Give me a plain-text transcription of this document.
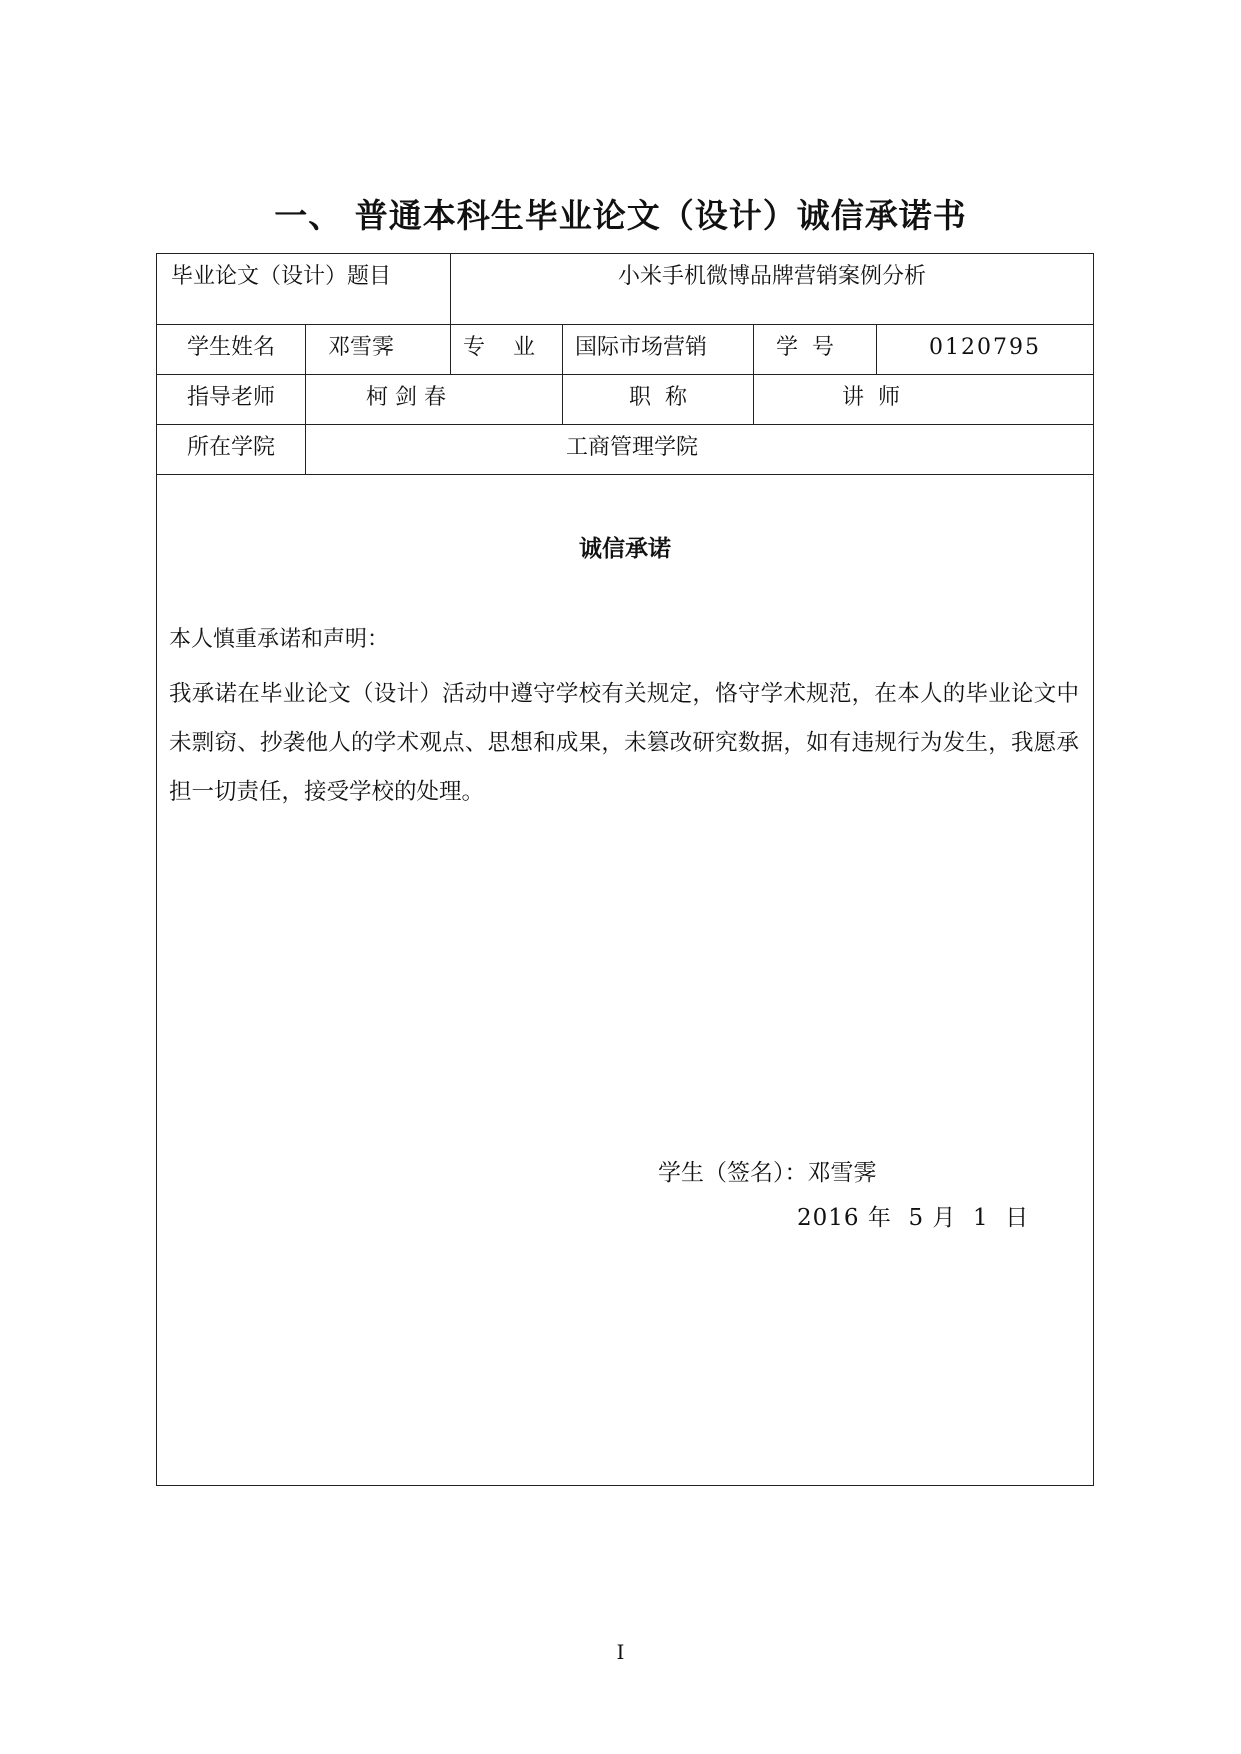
一、 普通本科生毕业论文（设计）诚信承诺书
毕业论文（设计）题目		小米手机微博品牌营销案例分析			

学生姓名	邓雪霁	专    业	国际市场营销	学  号	0120795

指导老师	柯 剑 春		职  称	讲  师	

所在学院	工商管理学院				

诚信承诺
本人慎重承诺和声明：
我承诺在毕业论文（设计）活动中遵守学校有关规定，恪守学术规范，在本人的毕业论文中未剽窃、抄袭他人的学术观点、思想和成果，未篡改研究数据，如有违规行为发生，我愿承担一切责任，接受学校的处理。
学生（签名）：邓雪霁
2016 年  5 月  1  日					
I
